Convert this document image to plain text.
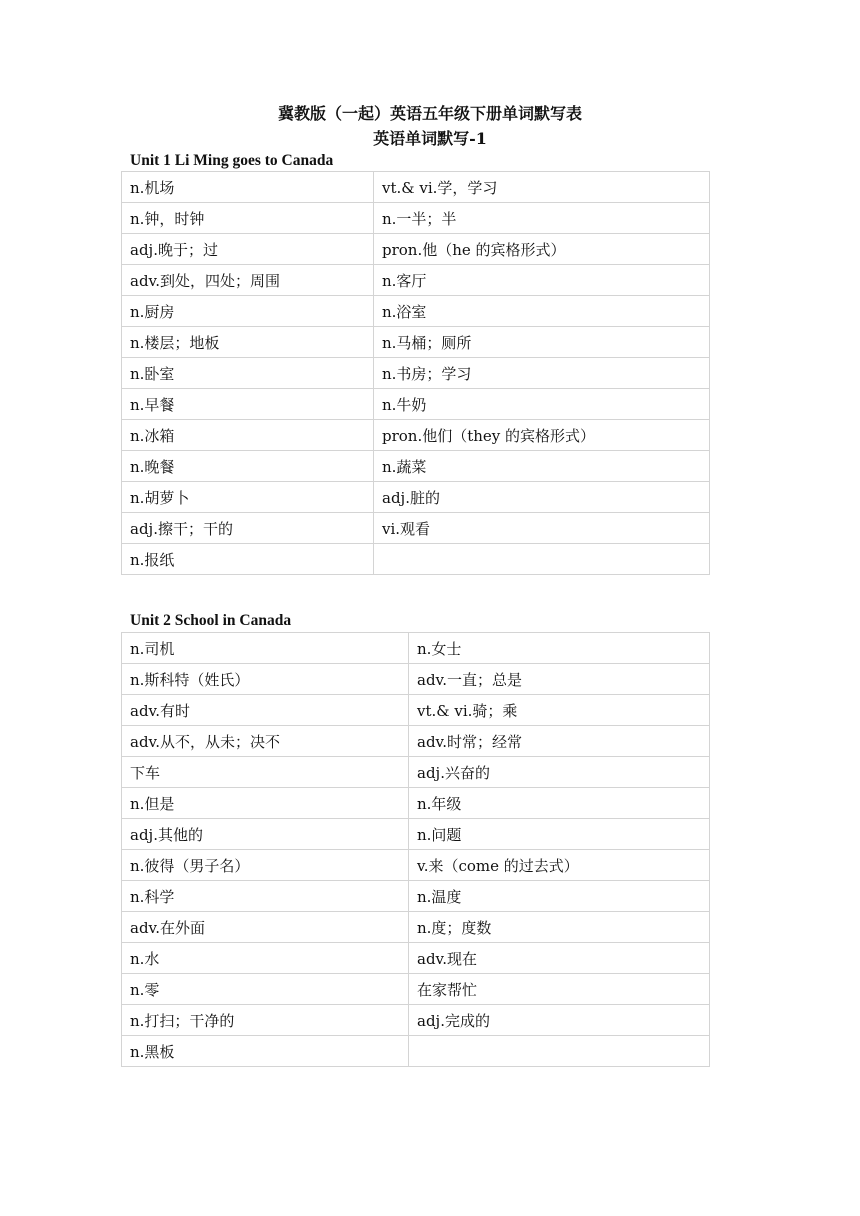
冀教版（一起）英语五年级下册单词默写表
英语单词默写-1
Unit 1 Li Ming goes to Canada
n.机场	vt.& vi.学，学习
n.钟，时钟	n.一半；半
adj.晚于；过	pron.他（he 的宾格形式）
adv.到处，四处；周围	n.客厅
n.厨房	n.浴室
n.楼层；地板	n.马桶；厕所
n.卧室	n.书房；学习
n.早餐	n.牛奶
n.冰箱	pron.他们（they 的宾格形式）
n.晚餐	n.蔬菜
n.胡萝卜	adj.脏的
adj.擦干；干的	vi.观看
n.报纸	
Unit 2 School in Canada
n.司机	n.女士
n.斯科特（姓氏）	adv.一直；总是
adv.有时	vt.& vi.骑；乘
adv.从不，从未；决不	adv.时常；经常
下车	adj.兴奋的
n.但是	n.年级
adj.其他的	n.问题
n.彼得（男子名）	v.来（come 的过去式）
n.科学	n.温度
adv.在外面	n.度；度数
n.水	adv.现在
n.零	在家帮忙
n.打扫；干净的	adj.完成的
n.黑板	
